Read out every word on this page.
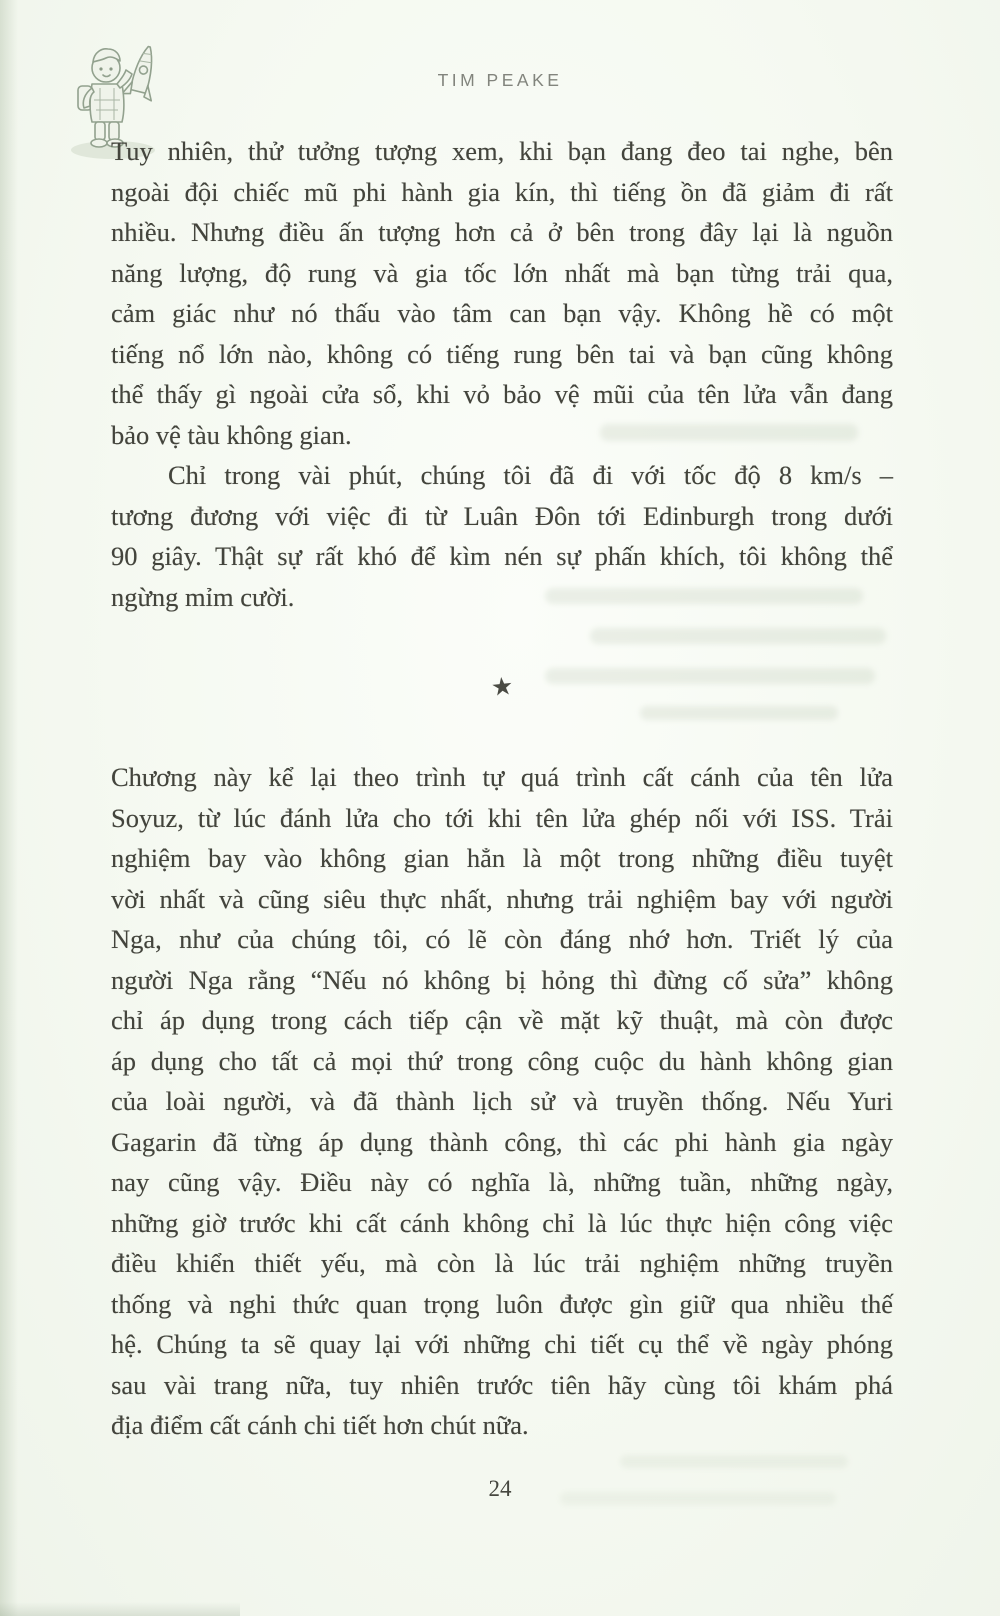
TIM PEAKE
Tuy nhiên, thử tưởng tượng xem, khi bạn đang đeo tai nghe, bên
ngoài đội chiếc mũ phi hành gia kín, thì tiếng ồn đã giảm đi rất
nhiều. Nhưng điều ấn tượng hơn cả ở bên trong đây lại là nguồn
năng lượng, độ rung và gia tốc lớn nhất mà bạn từng trải qua,
cảm giác như nó thấu vào tâm can bạn vậy. Không hề có một
tiếng nổ lớn nào, không có tiếng rung bên tai và bạn cũng không
thể thấy gì ngoài cửa sổ, khi vỏ bảo vệ mũi của tên lửa vẫn đang
bảo vệ tàu không gian.
Chỉ trong vài phút, chúng tôi đã đi với tốc độ 8 km/s –
tương đương với việc đi từ Luân Đôn tới Edinburgh trong dưới
90 giây. Thật sự rất khó để kìm nén sự phấn khích, tôi không thể
ngừng mỉm cười.
★
Chương này kể lại theo trình tự quá trình cất cánh của tên lửa
Soyuz, từ lúc đánh lửa cho tới khi tên lửa ghép nối với ISS. Trải
nghiệm bay vào không gian hẳn là một trong những điều tuyệt
vời nhất và cũng siêu thực nhất, nhưng trải nghiệm bay với người
Nga, như của chúng tôi, có lẽ còn đáng nhớ hơn. Triết lý của
người Nga rằng “Nếu nó không bị hỏng thì đừng cố sửa” không
chỉ áp dụng trong cách tiếp cận về mặt kỹ thuật, mà còn được
áp dụng cho tất cả mọi thứ trong công cuộc du hành không gian
của loài người, và đã thành lịch sử và truyền thống. Nếu Yuri
Gagarin đã từng áp dụng thành công, thì các phi hành gia ngày
nay cũng vậy. Điều này có nghĩa là, những tuần, những ngày,
những giờ trước khi cất cánh không chỉ là lúc thực hiện công việc
điều khiển thiết yếu, mà còn là lúc trải nghiệm những truyền
thống và nghi thức quan trọng luôn được gìn giữ qua nhiều thế
hệ. Chúng ta sẽ quay lại với những chi tiết cụ thể về ngày phóng
sau vài trang nữa, tuy nhiên trước tiên hãy cùng tôi khám phá
địa điểm cất cánh chi tiết hơn chút nữa.
24
